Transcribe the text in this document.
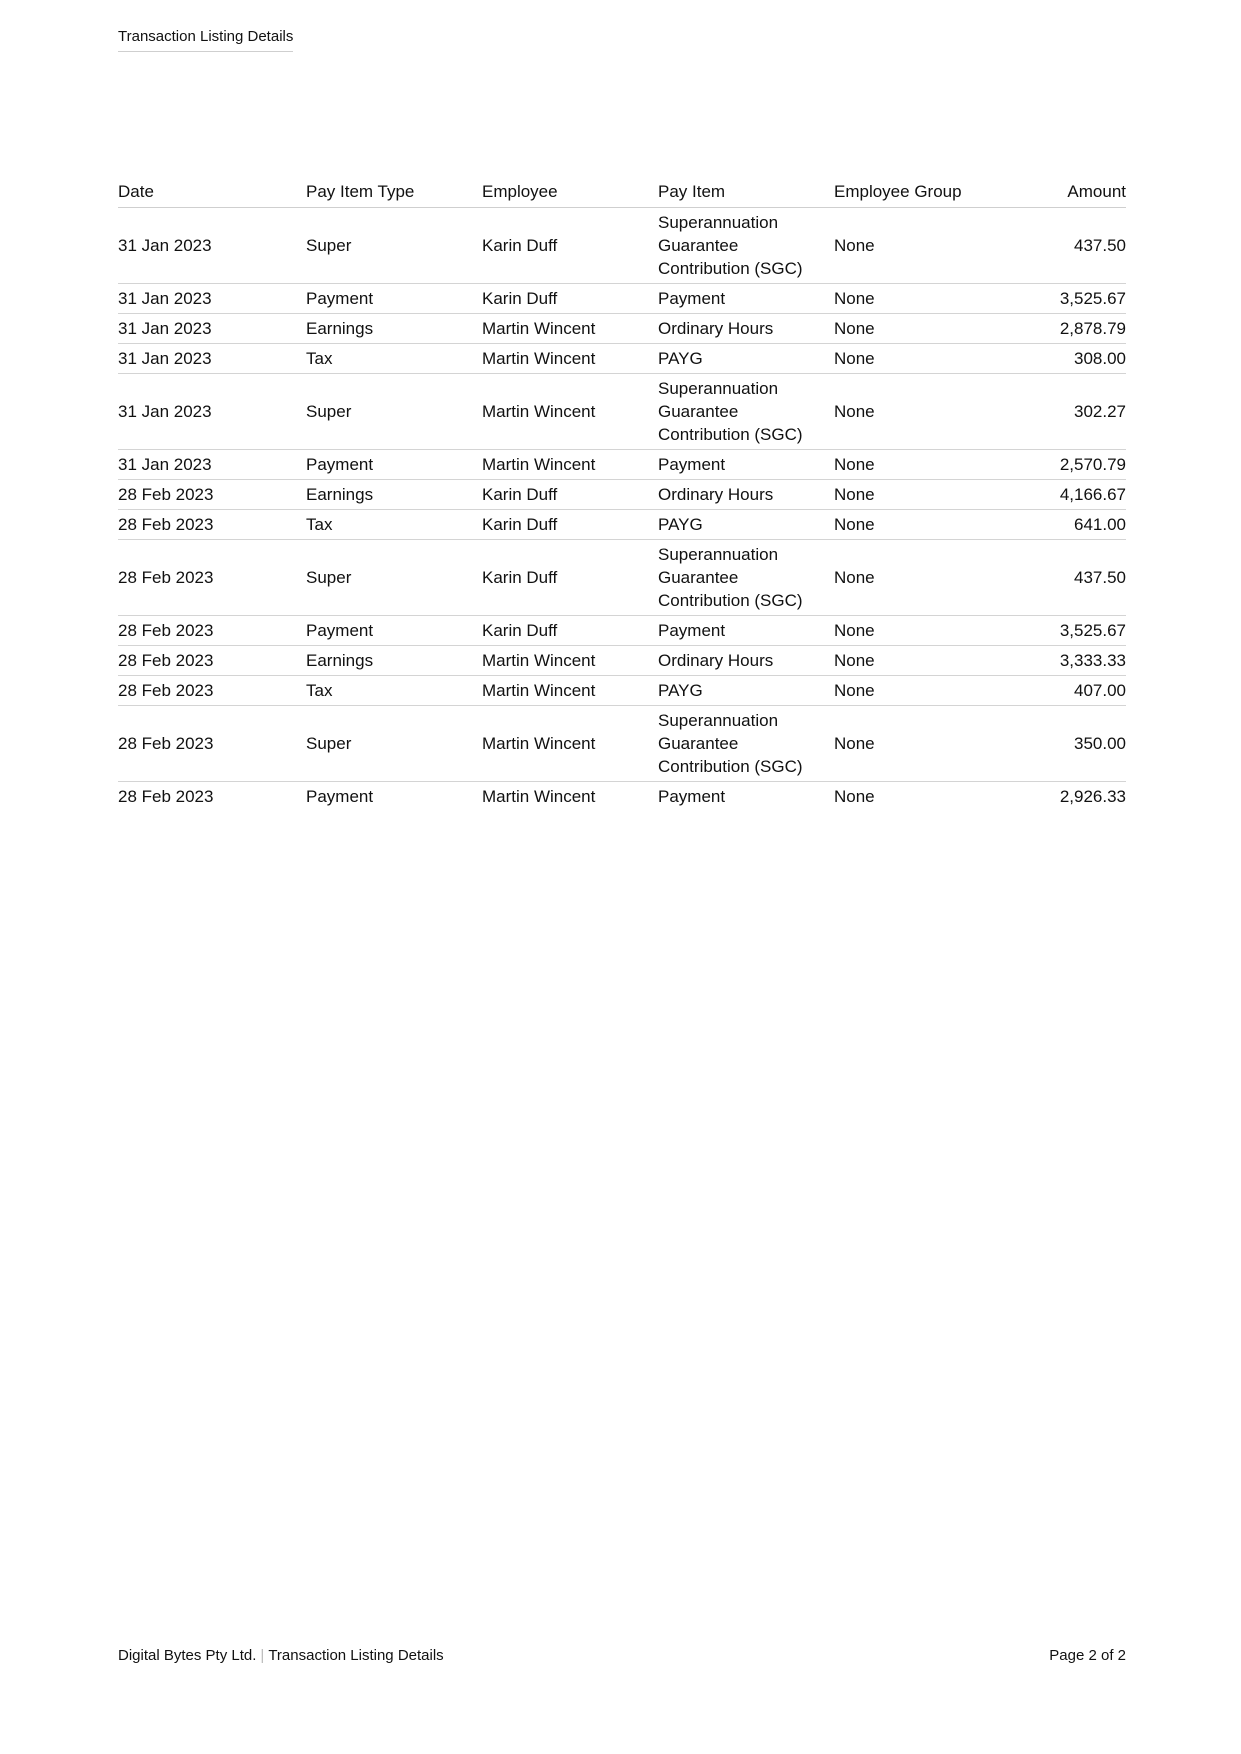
Transaction Listing Details
Date	Pay Item Type	Employee	Pay Item	Employee Group	Amount
31 Jan 2023	Super	Karin Duff	Superannuation Guarantee Contribution (SGC)	None	437.50
31 Jan 2023	Payment	Karin Duff	Payment	None	3,525.67
31 Jan 2023	Earnings	Martin Wincent	Ordinary Hours	None	2,878.79
31 Jan 2023	Tax	Martin Wincent	PAYG	None	308.00
31 Jan 2023	Super	Martin Wincent	Superannuation Guarantee Contribution (SGC)	None	302.27
31 Jan 2023	Payment	Martin Wincent	Payment	None	2,570.79
28 Feb 2023	Earnings	Karin Duff	Ordinary Hours	None	4,166.67
28 Feb 2023	Tax	Karin Duff	PAYG	None	641.00
28 Feb 2023	Super	Karin Duff	Superannuation Guarantee Contribution (SGC)	None	437.50
28 Feb 2023	Payment	Karin Duff	Payment	None	3,525.67
28 Feb 2023	Earnings	Martin Wincent	Ordinary Hours	None	3,333.33
28 Feb 2023	Tax	Martin Wincent	PAYG	None	407.00
28 Feb 2023	Super	Martin Wincent	Superannuation Guarantee Contribution (SGC)	None	350.00
28 Feb 2023	Payment	Martin Wincent	Payment	None	2,926.33
Digital Bytes Pty Ltd. | Transaction Listing Details	Page 2 of 2
